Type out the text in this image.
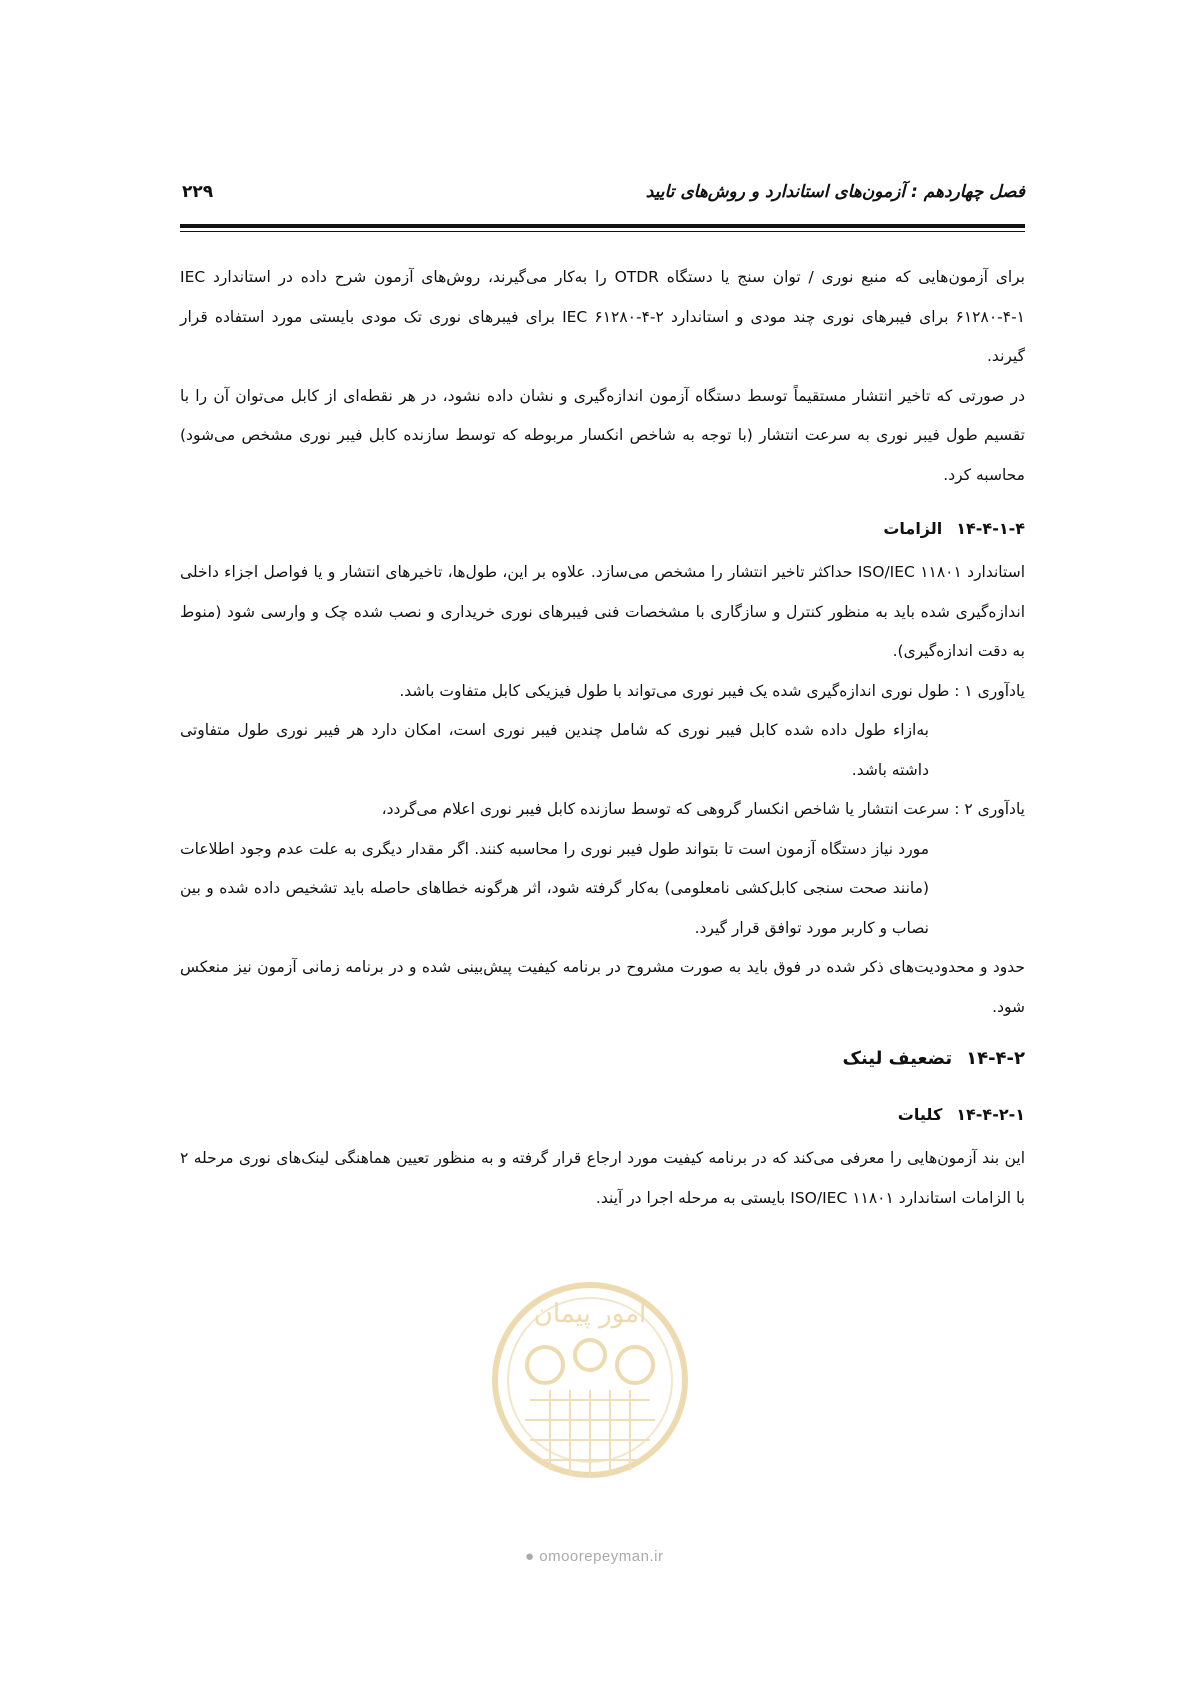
فصل چهاردهم : آزمون‌های استاندارد و روش‌های تایید
۲۲۹

برای آزمون‌هایی که منبع نوری / توان سنج یا دستگاه OTDR را به‌کار می‌گیرند، روش‌های آزمون شرح داده در استاندارد IEC ۶۱۲۸۰-۴-۱ برای فیبرهای نوری چند مودی و استاندارد IEC ۶۱۲۸۰-۴-۲ برای فیبرهای نوری تک مودی بایستی مورد استفاده قرار گیرند.

در صورتی که تاخیر انتشار مستقیماً توسط دستگاه آزمون اندازه‌گیری و نشان داده نشود، در هر نقطه‌ای از کابل می‌توان آن را با تقسیم طول فیبر نوری به سرعت انتشار (با توجه به شاخص انکسار مربوطه که توسط سازنده کابل فیبر نوری مشخص می‌شود) محاسبه کرد.

۱۴-۴-۱-۴الزامات

استاندارد ISO/IEC ۱۱۸۰۱ حداکثر تاخیر انتشار را مشخص می‌سازد. علاوه بر این، طول‌ها، تاخیرهای انتشار و یا فواصل اجزاء داخلی اندازه‌گیری شده باید به منظور کنترل و سازگاری با مشخصات فنی فیبرهای نوری خریداری و نصب شده چک و وارسی شود (منوط به دقت اندازه‌گیری).

یادآوری ۱ : طول نوری اندازه‌گیری شده یک فیبر نوری می‌تواند با طول فیزیکی کابل متفاوت باشد.
به‌ازاء طول داده شده کابل فیبر نوری که شامل چندین فیبر نوری است، امکان دارد هر فیبر نوری طول متفاوتی داشته باشد.
یادآوری ۲ : سرعت انتشار یا شاخص انکسار گروهی که توسط سازنده کابل فیبر نوری اعلام می‌گردد،
مورد نیاز دستگاه آزمون است تا بتواند طول فیبر نوری را محاسبه کنند. اگر مقدار دیگری به علت عدم وجود اطلاعات (مانند صحت سنجی کابل‌کشی نامعلومی) به‌کار گرفته شود، اثر هرگونه خطاهای حاصله باید تشخیص داده شده و بین نصاب و کاربر مورد توافق قرار گیرد.

حدود و محدودیت‌های ذکر شده در فوق باید به صورت مشروح در برنامه کیفیت پیش‌بینی شده و در برنامه زمانی آزمون نیز منعکس شود.

۱۴-۴-۲تضعیف لینک
۱۴-۴-۲-۱کلیات

این بند آزمون‌هایی را معرفی می‌کند که در برنامه کیفیت مورد ارجاع قرار گرفته و به منظور تعیین هماهنگی لینک‌های نوری مرحله ۲ با الزامات استاندارد ISO/IEC ۱۱۸۰۱ بایستی به مرحله اجرا در آیند.

امور پیمان
● omoorepeyman.ir
